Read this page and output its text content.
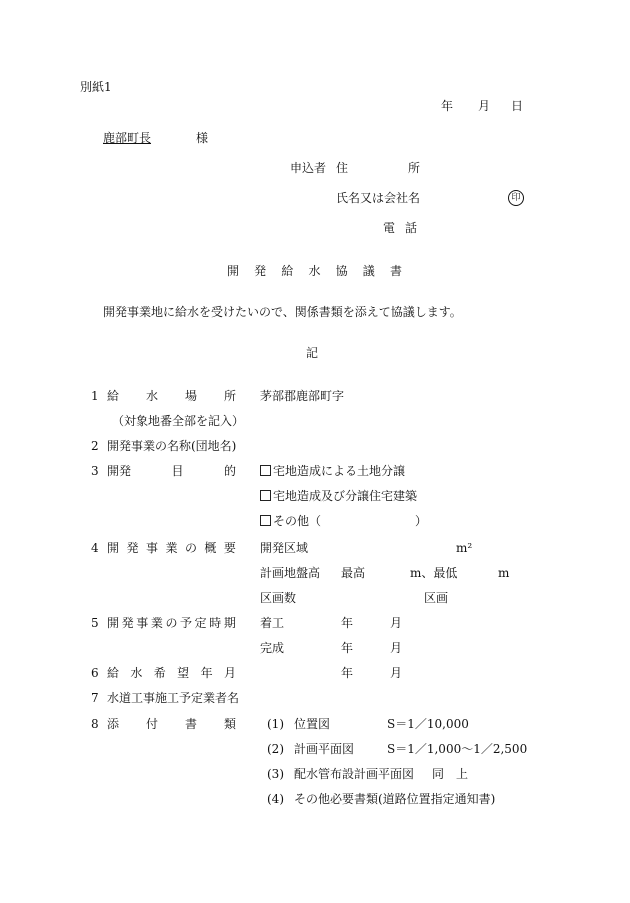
別紙1
年 月 日
鹿部町長	様
申込者 住	所
氏名又は会社名	印
電 話
開 発 給 水 協 議 書
開発事業地に給水を受けたいので、関係書類を添えて協議します。
記
1 給 水 場 所 茅部郡鹿部町字
（対象地番全部を記入）
2 開発事業の名称(団地名)
3 開発	目	的	宅地造成による土地分譲
宅地造成及び分譲住宅建築
その他（	）
4 開 発 事 業 の 概 要 開発区域	m²
計画地盤高 最高	m、最低	m
区画数	区画
5 開 発 事 業 の 予 定 時 期 着工	年	月
完成	年	月
6 給 水 希 望 年 月	年	月
7 水道工事施工予定業者名
8 添 付 書 類	(1) 位置図	S＝1／10,000
(2) 計画平面図	S＝1／1,000～1／2,500
(3) 配水管布設計画平面図 同　上
(4) その他必要書類(道路位置指定通知書)
